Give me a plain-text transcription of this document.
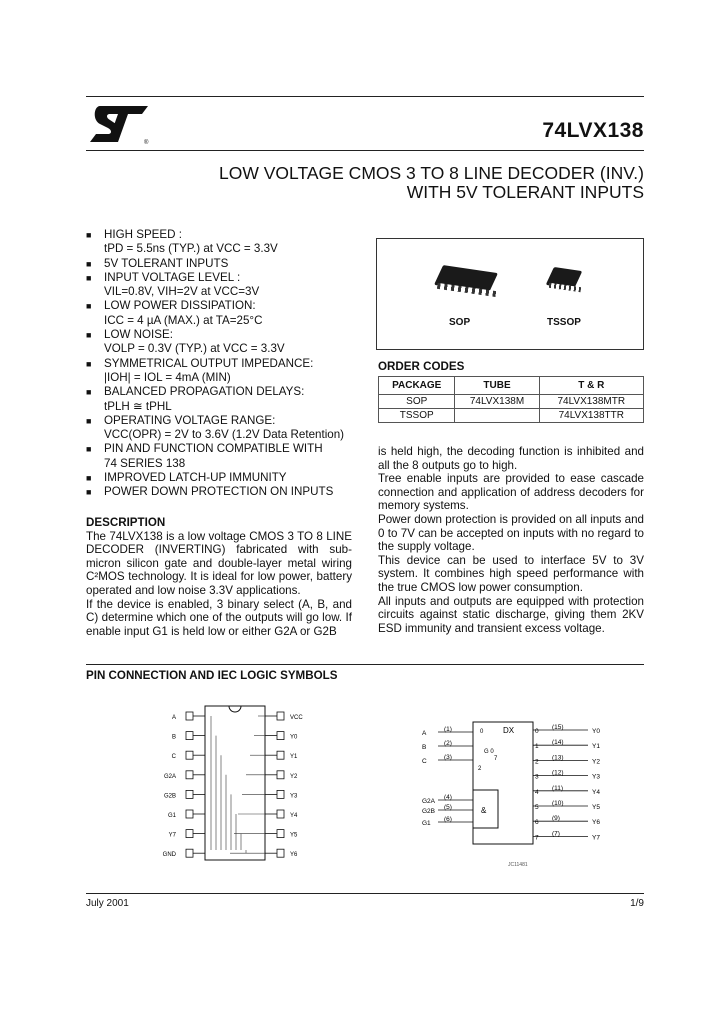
®
74LVX138
LOW VOLTAGE CMOS 3 TO 8 LINE DECODER (INV.)
WITH 5V TOLERANT INPUTS
■ HIGH SPEED :
tPD = 5.5ns (TYP.) at VCC = 3.3V
■ 5V TOLERANT INPUTS
■ INPUT VOLTAGE LEVEL :
VIL=0.8V, VIH=2V at VCC=3V
■ LOW POWER DISSIPATION:
ICC = 4 µA (MAX.) at TA=25°C
■ LOW NOISE:
VOLP = 0.3V (TYP.) at VCC = 3.3V
■ SYMMETRICAL OUTPUT IMPEDANCE:
|IOH| = IOL = 4mA (MIN)
■ BALANCED PROPAGATION DELAYS:
tPLH ≅ tPHL
■ OPERATING VOLTAGE RANGE:
VCC(OPR) = 2V to 3.6V (1.2V Data Retention)
■ PIN AND FUNCTION COMPATIBLE WITH
74 SERIES 138
■ IMPROVED LATCH-UP IMMUNITY
■ POWER DOWN PROTECTION ON INPUTS
SOP	TSSOP
ORDER CODES
PACKAGE	TUBE	T & R
SOP	74LVX138M	74LVX138MTR
TSSOP		74LVX138TTR
DESCRIPTION

The 74LVX138 is a low voltage CMOS 3 TO 8 LINE DECODER (INVERTING) fabricated with sub-micron silicon gate and double-layer metal wiring C²MOS technology. It is ideal for low power, battery operated and low noise 3.3V applications.

If the device is enabled, 3 binary select (A, B, and C) determine which one of the outputs will go low. If enable input G1 is held low or either G2A or G2B

is held high, the decoding function is inhibited and all the 8 outputs go to high.

Tree enable inputs are provided to ease cascade connection and application of address decoders for memory systems.

Power down protection is provided on all inputs and 0 to 7V can be accepted on inputs with no regard to the supply voltage.

This device can be used to interface 5V to 3V system. It combines high speed performance with the true CMOS low power consumption.

All inputs and outputs are equipped with protection circuits against static discharge, giving them 2KV ESD immunity and transient excess voltage.

PIN CONNECTION AND IEC LOGIC SYMBOLS
A	VCC
B	Y0
C	Y1
G2A	Y2
G2B	Y3
G1	Y4
Y7	Y5
GND	Y6
DX
0
G 0
7
2
&
JC11481
A
(1)
B
(2)
C
(3)
G2A
(4)
G2B
(5)
G1
(6)
0
(15)
Y0
1
(14)
Y1
2
(13)
Y2
3
(12)
Y3
4
(11)
Y4
5
(10)
Y5
6
(9)
Y6
7
(7)
Y7
July 2001	1/9
